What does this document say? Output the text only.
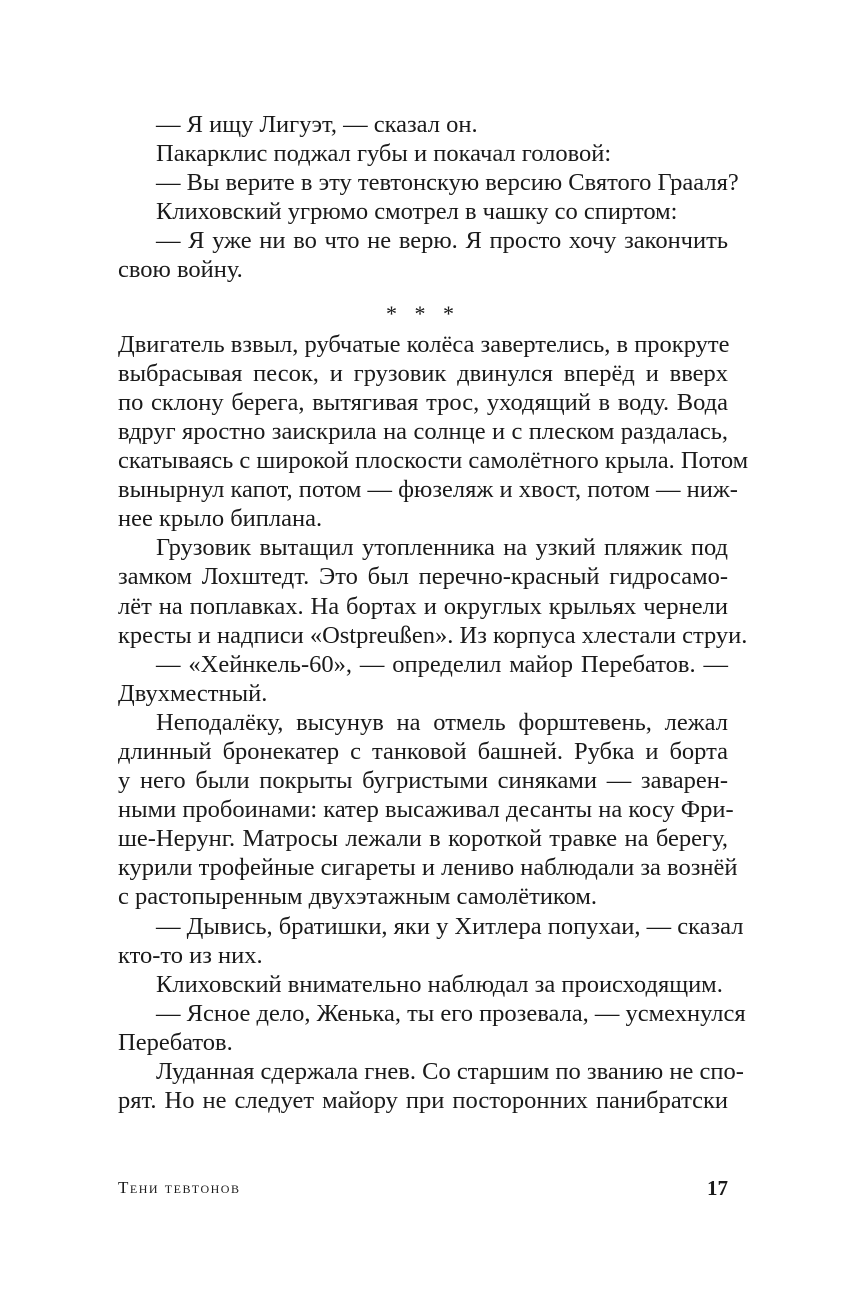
— Я ищу Лигуэт, — сказал он.
Пакарклис поджал губы и покачал головой:
— Вы верите в эту тевтонскую версию Святого Грааля?
Клиховский угрюмо смотрел в чашку со спиртом:
— Я уже ни во что не верю. Я просто хочу закончить
свою войну.
* * *
Двигатель взвыл, рубчатые колёса завертелись, в прокруте
выбрасывая песок, и грузовик двинулся вперёд и вверх
по склону берега, вытягивая трос, уходящий в воду. Вода
вдруг яростно заискрила на солнце и с плеском раздалась,
скатываясь с широкой плоскости самолётного крыла. Потом
вынырнул капот, потом — фюзеляж и хвост, потом — ниж-
нее крыло биплана.
Грузовик вытащил утопленника на узкий пляжик под
замком Лохштедт. Это был перечно-красный гидросамо-
лёт на поплавках. На бортах и округлых крыльях чернели
кресты и надписи «Ostpreußen». Из корпуса хлестали струи.
— «Хейнкель-60», — определил майор Перебатов. —
Двухместный.
Неподалёку, высунув на отмель форштевень, лежал
длинный бронекатер с танковой башней. Рубка и борта
у него были покрыты бугристыми синяками — заварен-
ными пробоинами: катер высаживал десанты на косу Фри-
ше-Нерунг. Матросы лежали в короткой травке на берегу,
курили трофейные сигареты и лениво наблюдали за вознёй
с растопыренным двухэтажным самолётиком.
— Дывись, братишки, яки у Хитлера попухаи, — сказал
кто-то из них.
Клиховский внимательно наблюдал за происходящим.
— Ясное дело, Женька, ты его прозевала, — усмехнулся
Перебатов.
Луданная сдержала гнев. Со старшим по званию не спо-
рят. Но не следует майору при посторонних панибратски
Тени тевтонов	17
